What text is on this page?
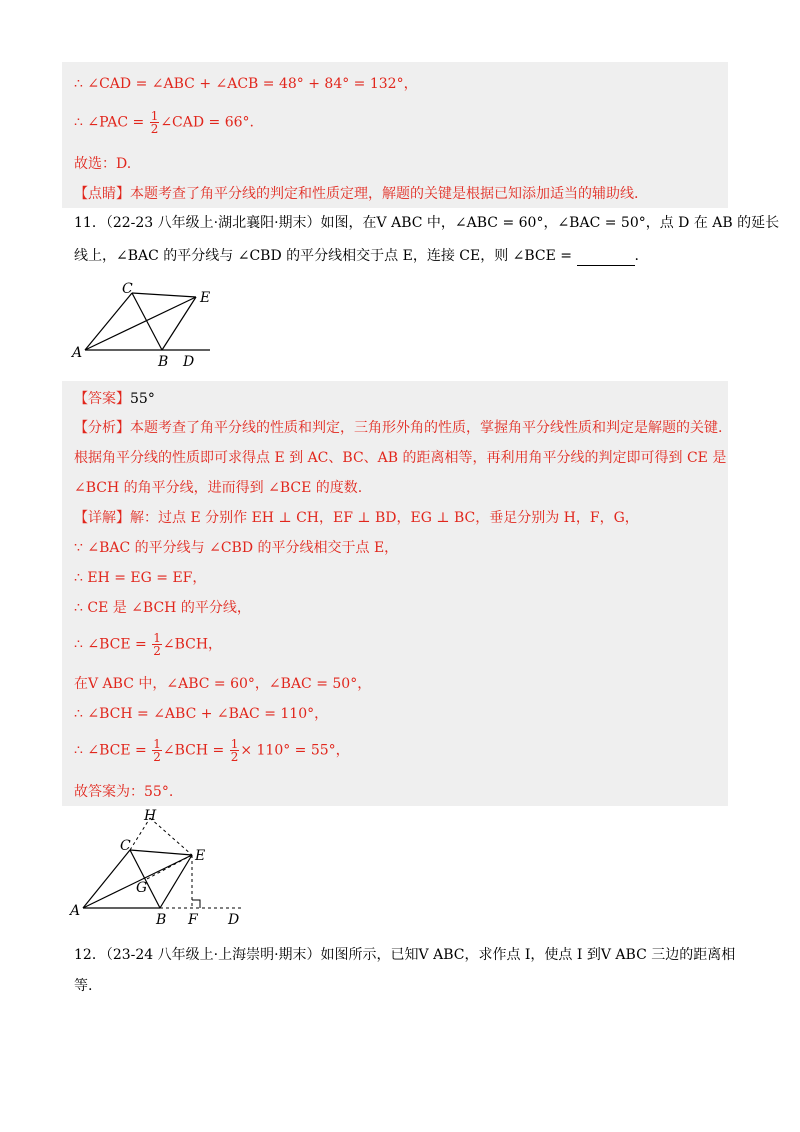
∴ ∠CAD = ∠ABC + ∠ACB = 48° + 84° = 132°，
∴ ∠PAC = $\frac{1}{2}$ ∠CAD = 66°.
故选：D.
【点睛】本题考查了角平分线的判定和性质定理，解题的关键是根据已知添加适当的辅助线.
11．（22-23 八年级上·湖北襄阳·期末）如图，在V ABC 中，∠ABC = 60°，∠BAC = 50°，点 D 在 AB 的延长
线上，∠BAC 的平分线与 ∠CBD 的平分线相交于点 E，连接 CE，则 ∠BCE =	.
C
E
A
B D
【答案】55°
【分析】本题考查了角平分线的性质和判定，三角形外角的性质，掌握角平分线性质和判定是解题的关键.
根据角平分线的性质即可求得点 E 到 AC、BC、AB 的距离相等，再利用角平分线的判定即可得到 CE 是
∠BCH 的角平分线，进而得到 ∠BCE 的度数.
【详解】解：过点 E 分别作 EH ⊥ CH，EF ⊥ BD，EG ⊥ BC，垂足分别为 H，F，G，
∵ ∠BAC 的平分线与 ∠CBD 的平分线相交于点 E，
∴ EH = EG = EF，
∴ CE 是 ∠BCH 的平分线，
∴ ∠BCE = $\frac{1}{2}$ ∠BCH，
在V ABC 中，∠ABC = 60°，∠BAC = 50°，
∴ ∠BCH = ∠ABC + ∠BAC = 110°，
∴ ∠BCE = $\frac{1}{2}$ ∠BCH = $\frac{1}{2} \times 110^\circ = 55^\circ$，
故答案为：55°.
H
C
E
G
A
B F D
12．（23-24 八年级上·上海崇明·期末）如图所示，已知V ABC，求作点 I，使点 I 到V ABC 三边的距离相
等.
